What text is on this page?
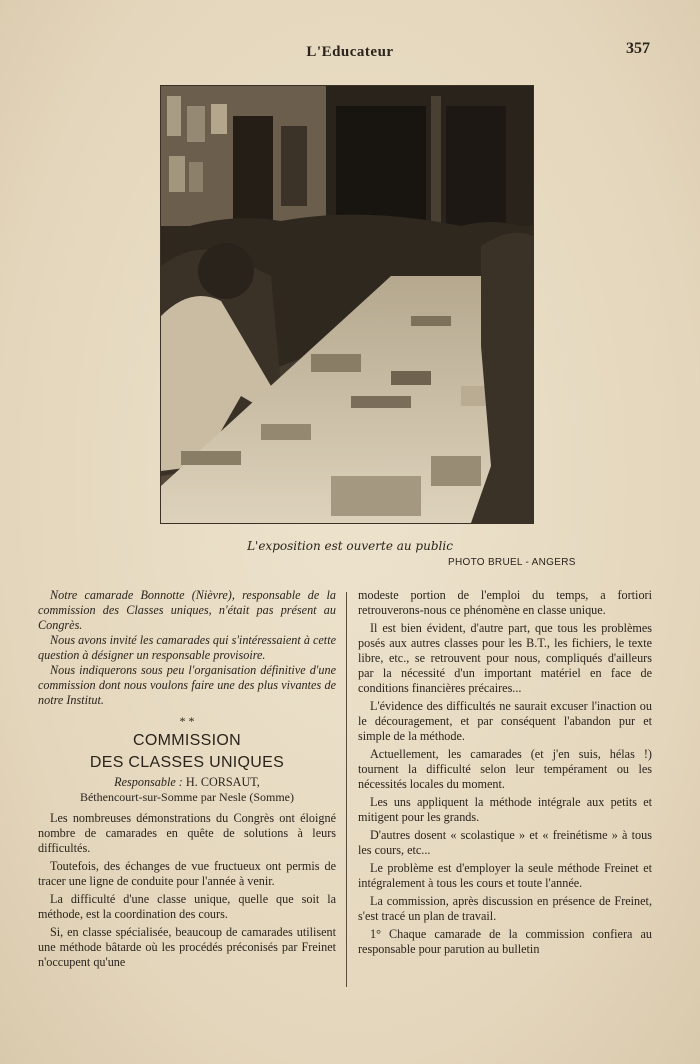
L'Educateur	357
L'exposition est ouverte au public
PHOTO BRUEL - ANGERS

Notre camarade Bonnotte (Nièvre), responsable de la commission des Classes uniques, n'était pas présent au Congrès.

Nous avons invité les camarades qui s'intéressaient à cette question à désigner un responsable provisoire.

Nous indiquerons sous peu l'organisation définitive d'une commission dont nous voulons faire une des plus vivantes de notre Institut.

* *
COMMISSION
DES CLASSES UNIQUES
Responsable : H. CORSAUT,
Béthencourt-sur-Somme par Nesle (Somme)

Les nombreuses démonstrations du Congrès ont éloigné nombre de camarades en quête de solutions à leurs difficultés.

Toutefois, des échanges de vue fructueux ont permis de tracer une ligne de conduite pour l'année à venir.

La difficulté d'une classe unique, quelle que soit la méthode, est la coordination des cours.

Si, en classe spécialisée, beaucoup de camarades utilisent une méthode bâtarde où les procédés préconisés par Freinet n'occupent qu'une

modeste portion de l'emploi du temps, a fortiori retrouverons-nous ce phénomène en classe unique.

Il est bien évident, d'autre part, que tous les problèmes posés aux autres classes pour les B.T., les fichiers, le texte libre, etc., se retrouvent pour nous, compliqués d'ailleurs par la nécessité d'un important matériel en face de conditions financières précaires...

L'évidence des difficultés ne saurait excuser l'inaction ou le découragement, et par conséquent l'abandon pur et simple de la méthode.

Actuellement, les camarades (et j'en suis, hélas !) tournent la difficulté selon leur tempérament ou les nécessités locales du moment.

Les uns appliquent la méthode intégrale aux petits et mitigent pour les grands.

D'autres dosent « scolastique » et « freinétisme » à tous les cours, etc...

Le problème est d'employer la seule méthode Freinet et intégralement à tous les cours et toute l'année.

La commission, après discussion en présence de Freinet, s'est tracé un plan de travail.

1° Chaque camarade de la commission confiera au responsable pour parution au bulletin
